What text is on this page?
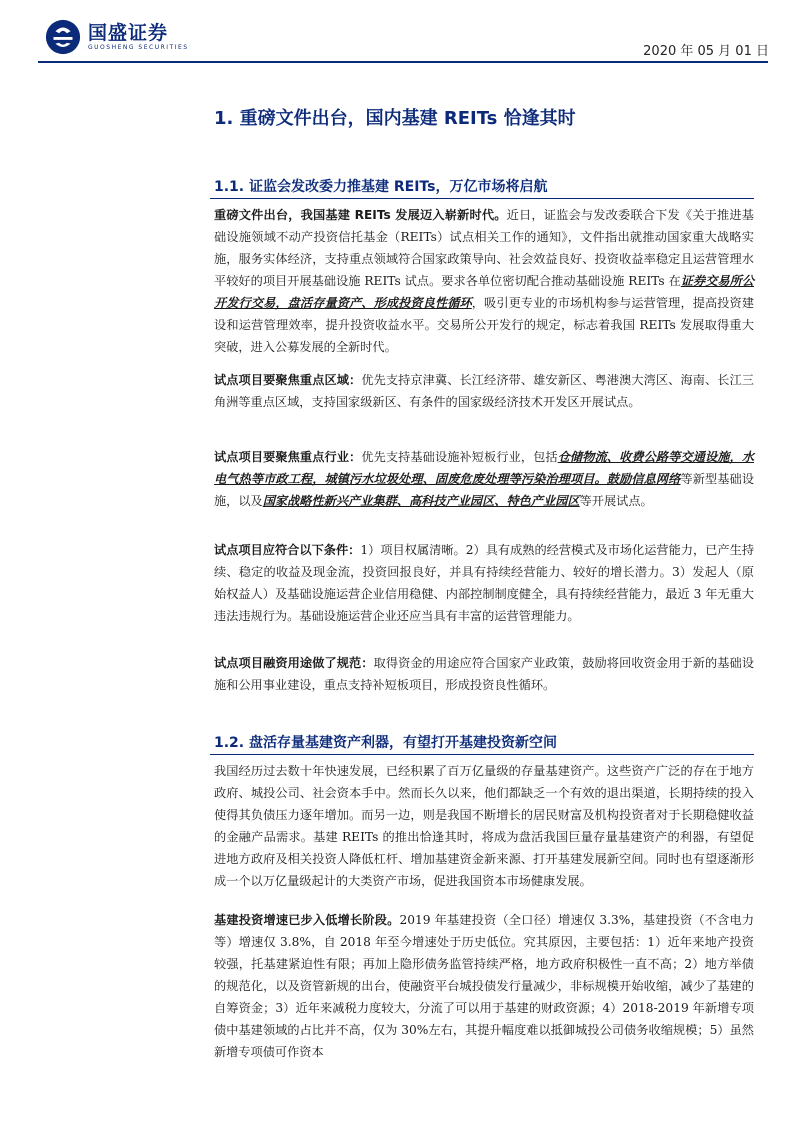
国盛证券
GUOSHENG SECURITIES	2020 年 05 月 01 日
1. 重磅文件出台，国内基建 REITs 恰逢其时
1.1. 证监会发改委力推基建 REITs，万亿市场将启航
重磅文件出台，我国基建 REITs 发展迈入崭新时代。近日，证监会与发改委联合下发《关于推进基础设施领域不动产投资信托基金（REITs）试点相关工作的通知》，文件指出就推动国家重大战略实施，服务实体经济，支持重点领域符合国家政策导向、社会效益良好、投资收益率稳定且运营管理水平较好的项目开展基础设施 REITs 试点。要求各单位密切配合推动基础设施 REITs 在证券交易所公开发行交易，盘活存量资产、形成投资良性循环，吸引更专业的市场机构参与运营管理，提高投资建设和运营管理效率，提升投资收益水平。交易所公开发行的规定，标志着我国 REITs 发展取得重大突破，进入公募发展的全新时代。
试点项目要聚焦重点区域：优先支持京津冀、长江经济带、雄安新区、粤港澳大湾区、海南、长江三角洲等重点区域，支持国家级新区、有条件的国家级经济技术开发区开展试点。
试点项目要聚焦重点行业：优先支持基础设施补短板行业，包括仓储物流、收费公路等交通设施，水电气热等市政工程，城镇污水垃圾处理、固废危废处理等污染治理项目。鼓励信息网络等新型基础设施，以及国家战略性新兴产业集群、高科技产业园区、特色产业园区等开展试点。
试点项目应符合以下条件：1）项目权属清晰。2）具有成熟的经营模式及市场化运营能力，已产生持续、稳定的收益及现金流，投资回报良好，并具有持续经营能力、较好的增长潜力。3）发起人（原始权益人）及基础设施运营企业信用稳健、内部控制制度健全，具有持续经营能力，最近 3 年无重大违法违规行为。基础设施运营企业还应当具有丰富的运营管理能力。
试点项目融资用途做了规范：取得资金的用途应符合国家产业政策，鼓励将回收资金用于新的基础设施和公用事业建设，重点支持补短板项目，形成投资良性循环。
1.2. 盘活存量基建资产利器，有望打开基建投资新空间
我国经历过去数十年快速发展，已经积累了百万亿量级的存量基建资产。这些资产广泛的存在于地方政府、城投公司、社会资本手中。然而长久以来，他们都缺乏一个有效的退出渠道，长期持续的投入使得其负债压力逐年增加。而另一边，则是我国不断增长的居民财富及机构投资者对于长期稳健收益的金融产品需求。基建 REITs 的推出恰逢其时，将成为盘活我国巨量存量基建资产的利器，有望促进地方政府及相关投资人降低杠杆、增加基建资金新来源、打开基建发展新空间。同时也有望逐渐形成一个以万亿量级起计的大类资产市场，促进我国资本市场健康发展。
基建投资增速已步入低增长阶段。2019 年基建投资（全口径）增速仅 3.3%，基建投资（不含电力等）增速仅 3.8%，自 2018 年至今增速处于历史低位。究其原因，主要包括：1）近年来地产投资较强，托基建紧迫性有限；再加上隐形债务监管持续严格，地方政府积极性一直不高；2）地方举债的规范化，以及资管新规的出台，使融资平台城投债发行量减少，非标规模开始收缩，减少了基建的自筹资金；3）近年来减税力度较大，分流了可以用于基建的财政资源；4）2018-2019 年新增专项债中基建领域的占比并不高，仅为 30%左右，其提升幅度难以抵御城投公司债务收缩规模；5）虽然新增专项债可作资本
